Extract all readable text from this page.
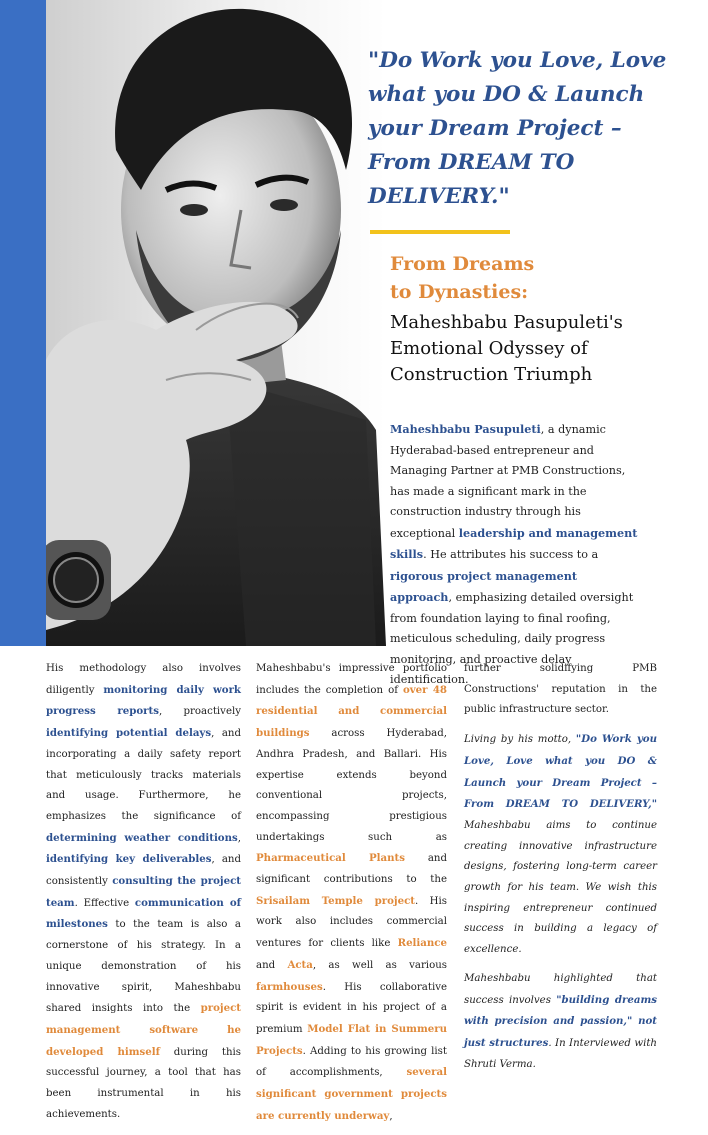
"Do Work you Love, Love what you DO & Launch your Dream Project – From DREAM TO DELIVERY."

From Dreams
to Dynasties:
Maheshbabu Pasupuleti's
Emotional Odyssey of
Construction Triumph

Maheshbabu Pasupuleti, a dynamic Hyderabad-based entrepreneur and Managing Partner at PMB Constructions, has made a significant mark in the construction industry through his exceptional leadership and management skills. He attributes his success to a rigorous project management approach, emphasizing detailed oversight from foundation laying to final roofing, meticulous scheduling, daily progress monitoring, and proactive delay identification.

His methodology also involves diligently monitoring daily work progress reports, proactively identifying potential delays, and incorporating a daily safety report that meticulously tracks materials and usage. Furthermore, he emphasizes the significance of determining weather conditions, identifying key deliverables, and consistently consulting the project team. Effective communication of milestones to the team is also a cornerstone of his strategy. In a unique demonstration of his innovative spirit, Maheshbabu shared insights into the project management software he developed himself during this successful journey, a tool that has been instrumental in his achievements.

Maheshbabu's impressive portfolio includes the completion of over 48 residential and commercial buildings across Hyderabad, Andhra Pradesh, and Ballari. His expertise extends beyond conventional projects, encompassing prestigious undertakings such as Pharmaceutical Plants and significant contributions to the Srisailam Temple project. His work also includes commercial ventures for clients like Reliance and Acta, as well as various farmhouses. His collaborative spirit is evident in his project of a premium Model Flat in Summeru Projects. Adding to his growing list of accomplishments, several significant government projects are currently underway,

further solidifying PMB Constructions' reputation in the public infrastructure sector.

Living by his motto, "Do Work you Love, Love what you DO & Launch your Dream Project – From DREAM TO DELIVERY," Maheshbabu aims to continue creating innovative infrastructure designs, fostering long-term career growth for his team. We wish this inspiring entrepreneur continued success in building a legacy of excellence.

Maheshbabu highlighted that success involves "building dreams with precision and passion," not just structures. In Interviewed with Shruti Verma.
